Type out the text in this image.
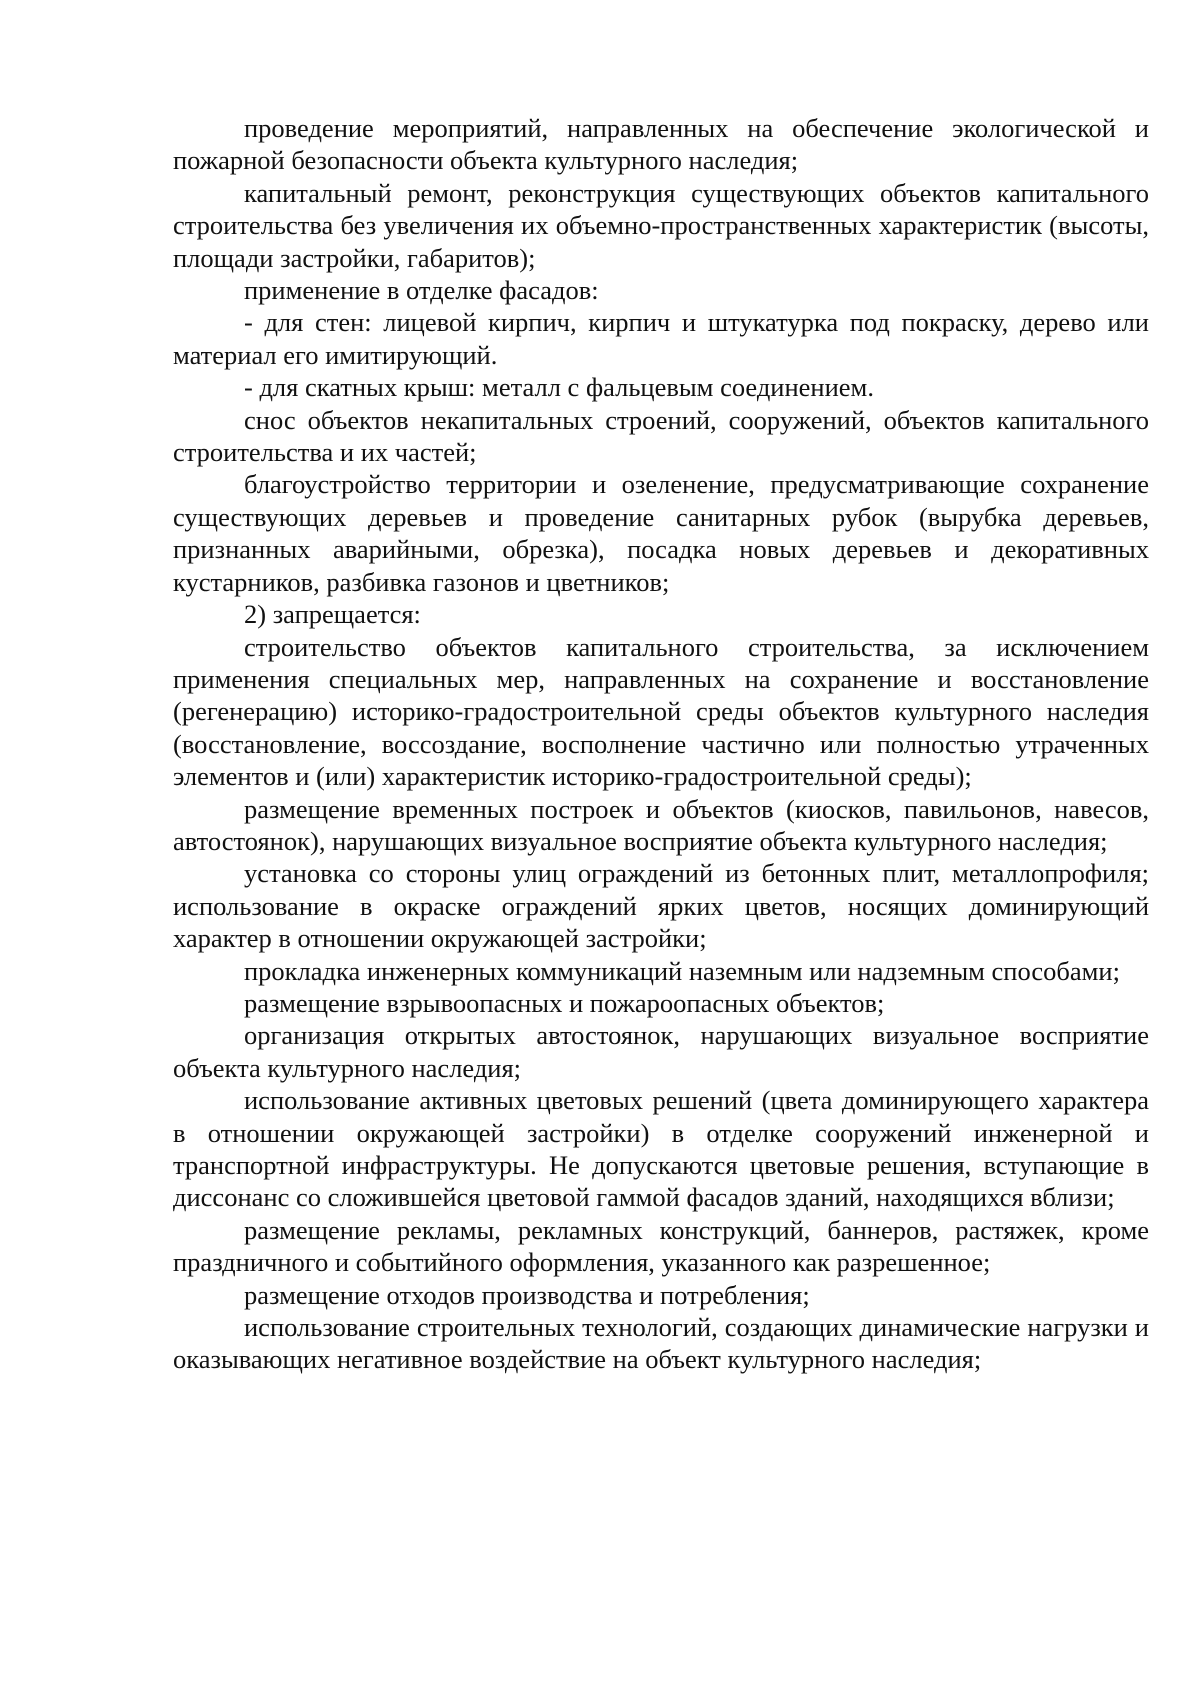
проведение мероприятий, направленных на обеспечение экологической и пожарной безопасности объекта культурного наследия;

капитальный ремонт, реконструкция существующих объектов капитального строительства без увеличения их объемно-пространственных характеристик (высоты, площади застройки, габаритов);

применение в отделке фасадов:

- для стен: лицевой кирпич, кирпич и штукатурка под покраску, дерево или материал его имитирующий.

- для скатных крыш: металл с фальцевым соединением.

снос объектов некапитальных строений, сооружений, объектов капитального строительства и их частей;

благоустройство территории и озеленение, предусматривающие сохранение существующих деревьев и проведение санитарных рубок (вырубка деревьев, признанных аварийными, обрезка), посадка новых деревьев и декоративных кустарников, разбивка газонов и цветников;

2) запрещается:

строительство объектов капитального строительства, за исключением применения специальных мер, направленных на сохранение и восстановление (регенерацию) историко-градостроительной среды объектов культурного наследия (восстановление, воссоздание, восполнение частично или полностью утраченных элементов и (или) характеристик историко-градостроительной среды);

размещение временных построек и объектов (киосков, павильонов, навесов, автостоянок), нарушающих визуальное восприятие объекта культурного наследия;

установка со стороны улиц ограждений из бетонных плит, металлопрофиля; использование в окраске ограждений ярких цветов, носящих доминирующий характер в отношении окружающей застройки;

прокладка инженерных коммуникаций наземным или надземным способами;

размещение взрывоопасных и пожароопасных объектов;

организация открытых автостоянок, нарушающих визуальное восприятие объекта культурного наследия;

использование активных цветовых решений (цвета доминирующего характера в отношении окружающей застройки) в отделке сооружений инженерной и транспортной инфраструктуры. Не допускаются цветовые решения, вступающие в диссонанс со сложившейся цветовой гаммой фасадов зданий, находящихся вблизи;

размещение рекламы, рекламных конструкций, баннеров, растяжек, кроме праздничного и событийного оформления, указанного как разрешенное;

размещение отходов производства и потребления;

использование строительных технологий, создающих динамические нагрузки и оказывающих негативное воздействие на объект культурного наследия;
